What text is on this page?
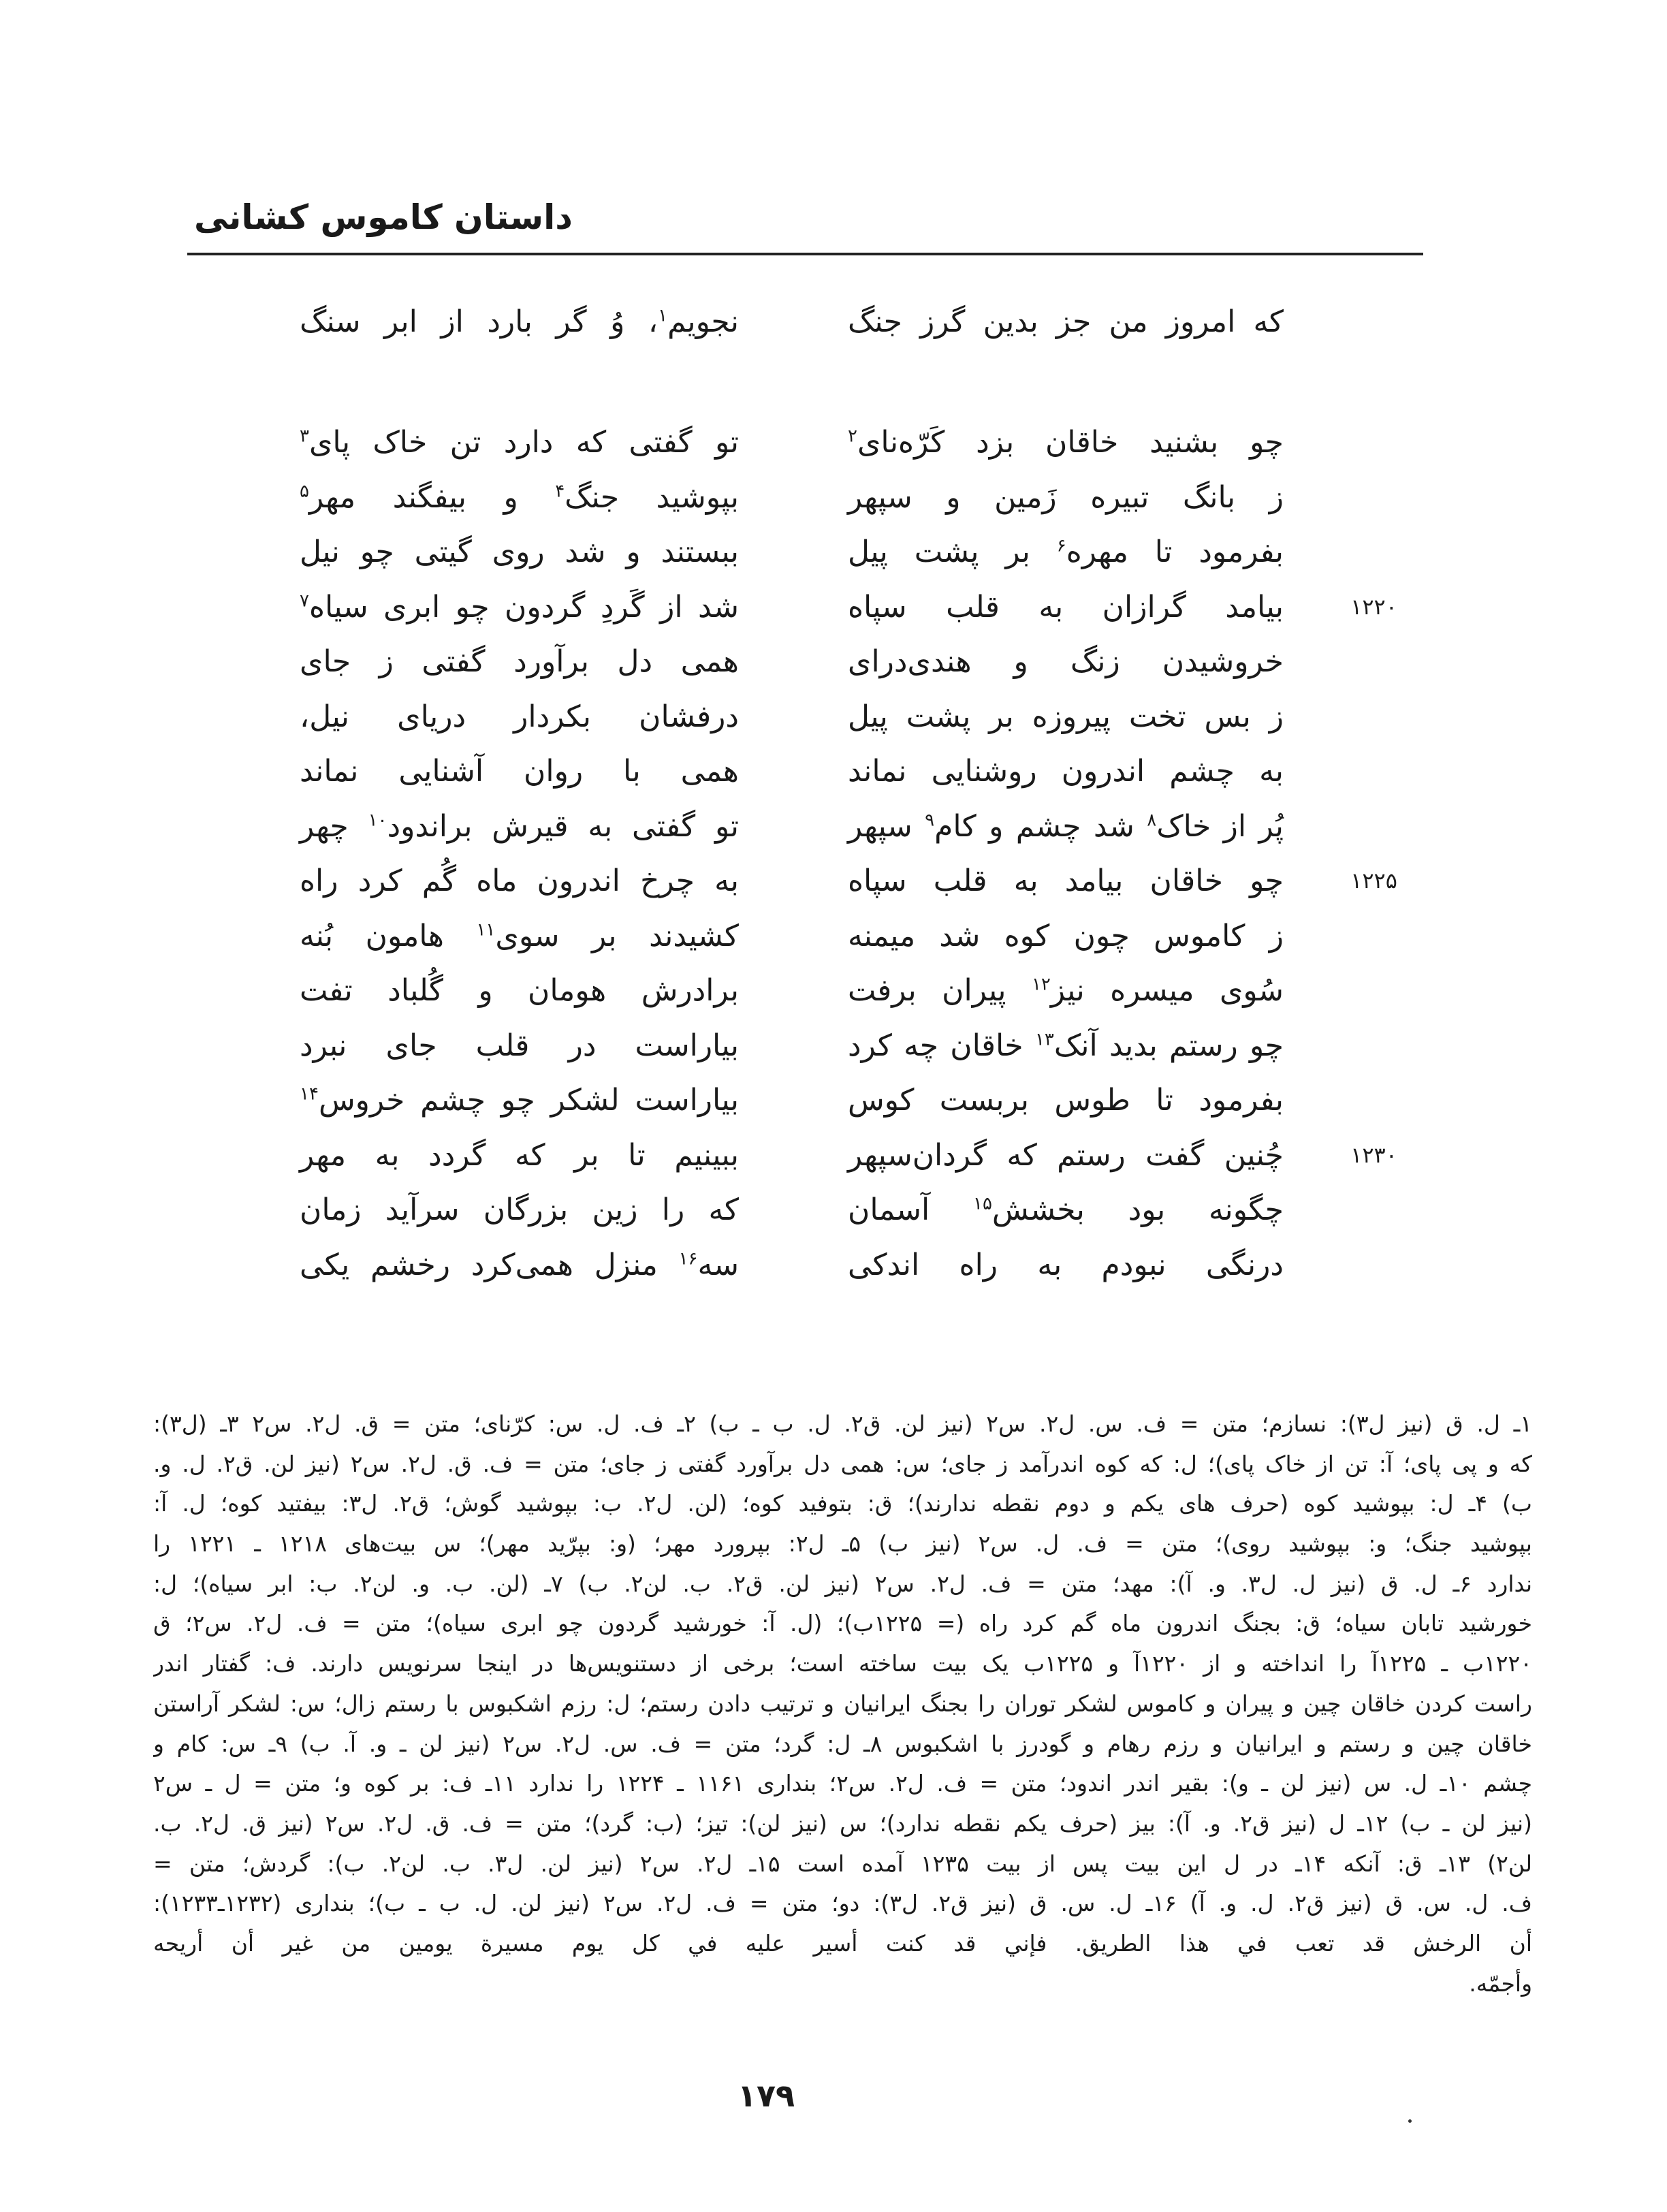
داستان کاموس کشانی
که امروز من جز بدین گرز جنگ
نجویم$^۱$، وُ گر بارد از ابر سنگ
چو بشنید خاقان بزد کَرّه‌نای$^۲$
تو گفتی که دارد تن خاک پای$^۳$
ز بانگ تبیره زَمین و سپهر
بپوشید جنگ$^۴$ و بیفگند مهر$^۵$
بفرمود تا مهره$^۶$ بر پشت پیل
ببستند و شد روی گیتی چو نیل
بیامد گرازان به قلب سپاه
شد از گَردِ گردون چو ابری سیاه$^۷$	۱۲۲۰
خروشیدن زنگ و هندی‌درای
همی دل برآورد گفتی ز جای
ز بس تخت پیروزه بر پشت پیل
درفشان بکردار دریای نیل،
به چشم اندرون روشنایی نماند
همی با روان آشنایی نماند
پُر از خاک$^۸$ شد چشم و کام$^۹$ سپهر
تو گفتی به قیرش براندود$^{۱۰}$ چهر
چو خاقان بیامد به قلب سپاه
به چرخ اندرون ماه گُم کرد راه	۱۲۲۵
ز کاموس چون کوه شد میمنه
کشیدند بر سوی$^{۱۱}$ هامون بُنه
سُوی میسره نیز$^{۱۲}$ پیران برفت
برادرش هومان و گُلباد تفت
چو رستم بدید آنک$^{۱۳}$ خاقان چه کرد
بیاراست در قلب جای نبرد
بفرمود تا طوس بربست کوس
بیاراست لشکر چو چشم خروس$^{۱۴}$
چُنین گفت رستم که گردان‌سپهر
ببینیم تا بر که گردد به مهر	۱۲۳۰
چگونه بود بخشش$^{۱۵}$ آسمان
که را زین بزرگان سرآید زمان
درنگی نبودم به راه اندکی
سه$^{۱۶}$ منزل همی‌کرد رخشم یکی
۱ـ ل. ق (نیز ل۳): نسازم؛ متن = ف. س. ل۲. س۲ (نیز لن. ق۲. ل. ب ـ ب) ۲ـ ف. ل. س: کرّنای؛ متن = ق. ل۲. س۲ ۳ـ (ل۳):
که و پی پای؛ آ: تن از خاک پای)؛ ل: که کوه اندرآمد ز جای؛ س: همی دل برآورد گفتی ز جای؛ متن = ف. ق. ل۲. س۲ (نیز لن. ق۲. ل. و.
ب) ۴ـ ل: بپوشید کوه (حرف های یکم و دوم نقطه ندارند)؛ ق: بتوفید کوه؛ (لن. ل۲. ب: بپوشید گوش؛ ق۲. ل۳: بیفتید کوه؛ ل. آ:
بپوشید جنگ؛ و: بپوشید روی)؛ متن = ف. ل. س۲ (نیز ب) ۵ـ ل۲: بپرورد مهر؛ (و: بپرّید مهر)؛ س بیت‌های ۱۲۱۸ ـ ۱۲۲۱ را
ندارد ۶ـ ل. ق (نیز ل. ل۳. و. آ): مهد؛ متن = ف. ل۲. س۲ (نیز لن. ق۲. ب. لن۲. ب) ۷ـ (لن. ب. و. لن۲. ب: ابر سیاه)؛ ل:
خورشید تابان سیاه؛ ق: بجنگ اندرون ماه گم کرد راه (= ۱۲۲۵ب)؛ (ل. آ: خورشید گردون چو ابری سیاه)؛ متن = ف. ل۲. س۲؛ ق
۱۲۲۰ب ـ ۱۲۲۵آ را انداخته و از ۱۲۲۰آ و ۱۲۲۵ب یک بیت ساخته است؛ برخی از دستنویس‌ها در اینجا سرنویس دارند. ف: گفتار اندر
راست کردن خاقان چین و پیران و کاموس لشکر توران را بجنگ ایرانیان و ترتیب دادن رستم؛ ل: رزم اشکبوس با رستم زال؛ س: لشکر آراستن
خاقان چین و رستم و ایرانیان و رزم رهام و گودرز با اشکبوس ۸ـ ل: گرد؛ متن = ف. س. ل۲. س۲ (نیز لن ـ و. آ. ب) ۹ـ س: کام و
چشم ۱۰ـ ل. س (نیز لن ـ و): بقیر اندر اندود؛ متن = ف. ل۲. س۲؛ بنداری ۱۱۶۱ ـ ۱۲۲۴ را ندارد ۱۱ـ ف: بر کوه و؛ متن = ل ـ س۲
(نیز لن ـ ب) ۱۲ـ ل (نیز ق۲. و. آ): بیز (حرف یکم نقطه ندارد)؛ س (نیز لن): تیز؛ (ب: گرد)؛ متن = ف. ق. ل۲. س۲ (نیز ق. ل۲. ب.
لن۲) ۱۳ـ ق: آنکه ۱۴ـ در ل این بیت پس از بیت ۱۲۳۵ آمده است ۱۵ـ ل۲. س۲ (نیز لن. ل۳. ب. لن۲. ب): گردش؛ متن =
ف. ل. س. ق (نیز ق۲. ل. و. آ) ۱۶ـ ل. س. ق (نیز ق۲. ل۳): دو؛ متن = ف. ل۲. س۲ (نیز لن. ل. ب ـ ب)؛ بنداری (۱۲۳۲ـ۱۲۳۳):
أن الرخش قد تعب في هذا الطريق. فإني قد كنت أسير عليه في كل يوم مسيرة يومين من غير أن أريحه
وأجمّه.
۱۷۹
